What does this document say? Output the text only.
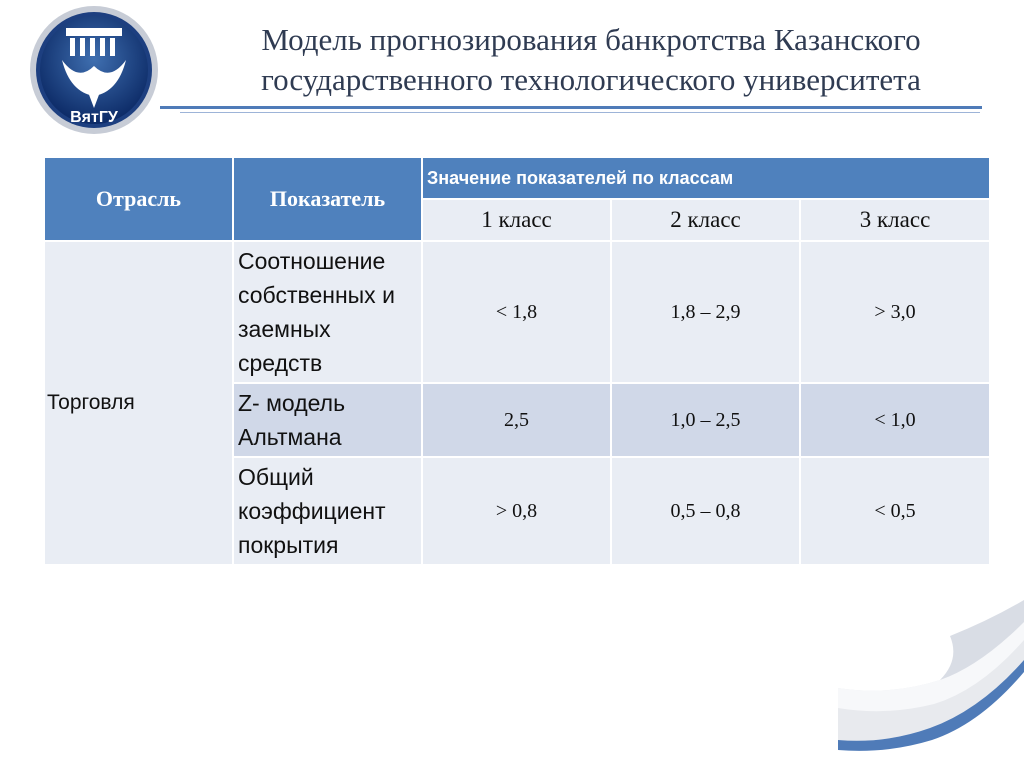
ВятГУ
Модель прогнозирования банкротства Казанского
государственного технологического университета
Отрасль	Показатель	Значение показателей по классам		
		1 класс	2 класс	3 класс
Торговля	Соотношение
собственных и
заемных
средств	< 1,8	1,8 – 2,9	> 3,0

	Z- модель
Альтмана	2,5	1,0 – 2,5	< 1,0

	Общий
коэффициент
покрытия	> 0,8	0,5 – 0,8	< 0,5
